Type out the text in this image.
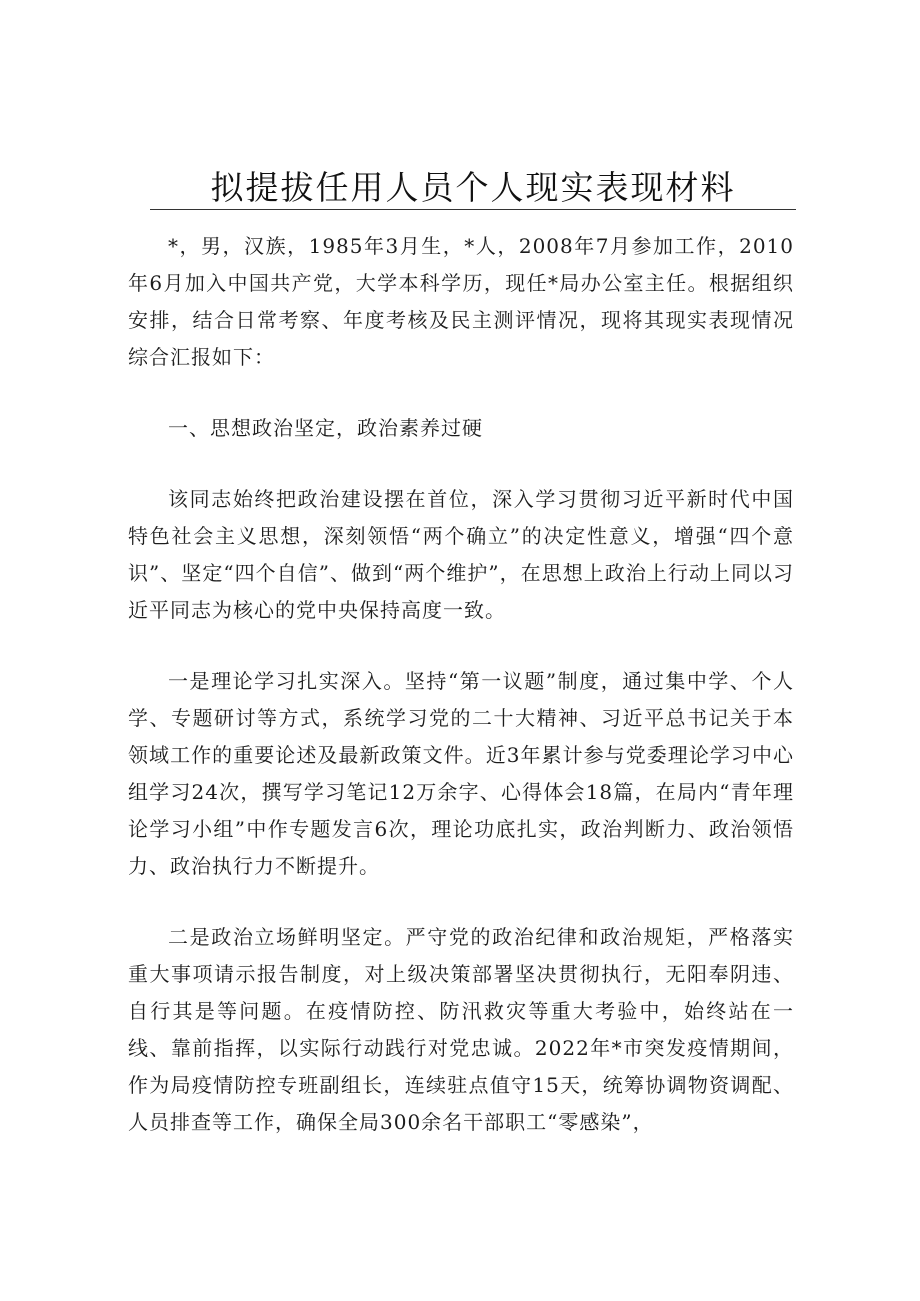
拟提拔任用人员个人现实表现材料

*，男，汉族，1985年3月生，*人，2008年7月参加工作，2010年6月加入中国共产党，大学本科学历，现任*局办公室主任。根据组织安排，结合日常考察、年度考核及民主测评情况，现将其现实表现情况综合汇报如下：

一、思想政治坚定，政治素养过硬

该同志始终把政治建设摆在首位，深入学习贯彻习近平新时代中国特色社会主义思想，深刻领悟“两个确立”的决定性意义，增强“四个意识”、坚定“四个自信”、做到“两个维护”，在思想上政治上行动上同以习近平同志为核心的党中央保持高度一致。

一是理论学习扎实深入。坚持“第一议题”制度，通过集中学、个人学、专题研讨等方式，系统学习党的二十大精神、习近平总书记关于本领域工作的重要论述及最新政策文件。近3年累计参与党委理论学习中心组学习24次，撰写学习笔记12万余字、心得体会18篇，在局内“青年理论学习小组”中作专题发言6次，理论功底扎实，政治判断力、政治领悟力、政治执行力不断提升。

二是政治立场鲜明坚定。严守党的政治纪律和政治规矩，严格落实重大事项请示报告制度，对上级决策部署坚决贯彻执行，无阳奉阴违、自行其是等问题。在疫情防控、防汛救灾等重大考验中，始终站在一线、靠前指挥，以实际行动践行对党忠诚。2022年*市突发疫情期间，作为局疫情防控专班副组长，连续驻点值守15天，统筹协调物资调配、人员排查等工作，确保全局300余名干部职工“零感染”，
